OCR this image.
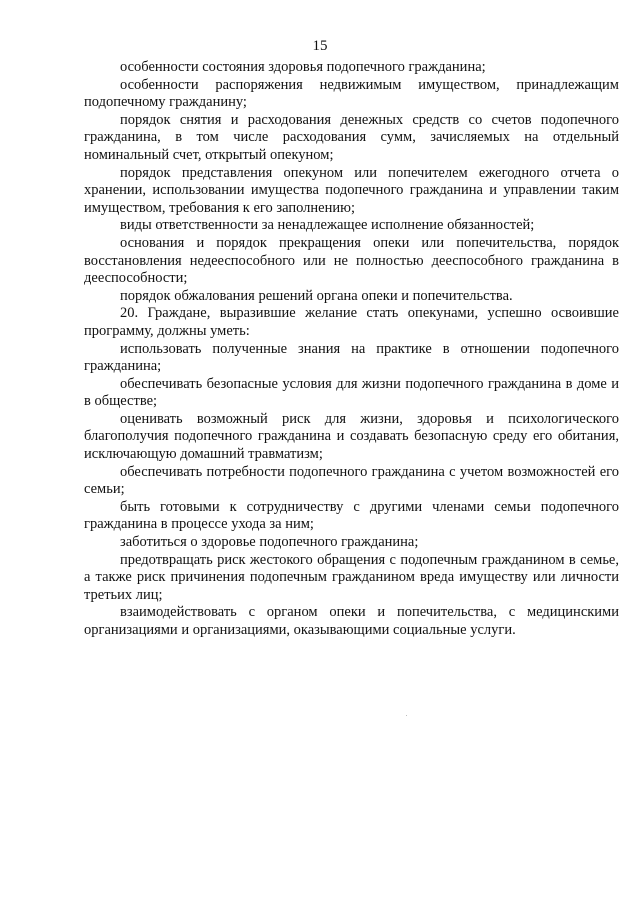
15

особенности состояния здоровья подопечного гражданина;

особенности распоряжения недвижимым имуществом, принадлежащим подопечному гражданину;

порядок снятия и расходования денежных средств со счетов подопечного гражданина, в том числе расходования сумм, зачисляемых на отдельный номинальный счет, открытый опекуном;

порядок представления опекуном или попечителем ежегодного отчета о хранении, использовании имущества подопечного гражданина и управлении таким имуществом, требования к его заполнению;

виды ответственности за ненадлежащее исполнение обязанностей;

основания и порядок прекращения опеки или попечительства, порядок восстановления недееспособного или не полностью дееспособного гражданина в дееспособности;

порядок обжалования решений органа опеки и попечительства.

20. Граждане, выразившие желание стать опекунами, успешно освоившие программу, должны уметь:

использовать полученные знания на практике в отношении подопечного гражданина;

обеспечивать безопасные условия для жизни подопечного гражданина в доме и в обществе;

оценивать возможный риск для жизни, здоровья и психологического благополучия подопечного гражданина и создавать безопасную среду его обитания, исключающую домашний травматизм;

обеспечивать потребности подопечного гражданина с учетом возможностей его семьи;

быть готовыми к сотрудничеству с другими членами семьи подопечного гражданина в процессе ухода за ним;

заботиться о здоровье подопечного гражданина;

предотвращать риск жестокого обращения с подопечным гражданином в семье, а также риск причинения подопечным гражданином вреда имуществу или личности третьих лиц;

взаимодействовать с органом опеки и попечительства, с медицинскими организациями и организациями, оказывающими социальные услуги.
